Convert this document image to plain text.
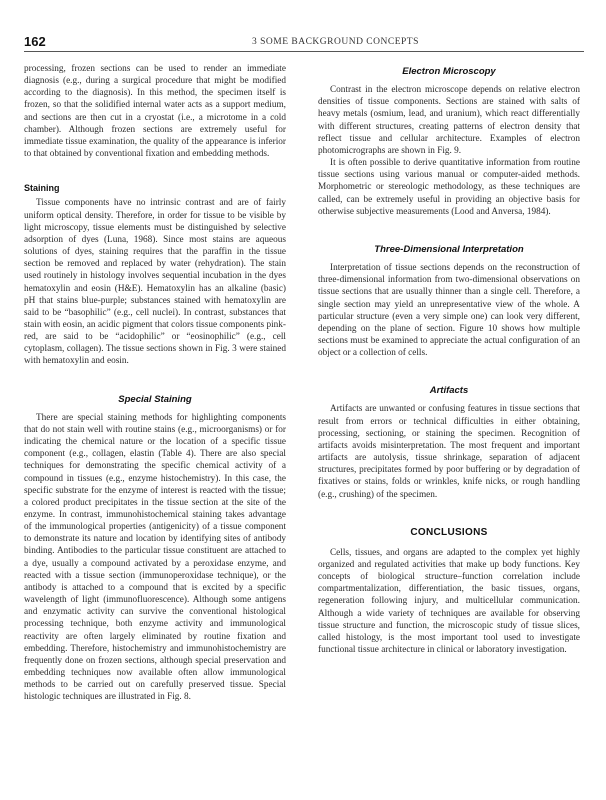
162	3 SOME BACKGROUND CONCEPTS

processing, frozen sections can be used to render an immediate diagnosis (e.g., during a surgical procedure that might be modified according to the diagnosis). In this method, the specimen itself is frozen, so that the solidified internal water acts as a support medium, and sections are then cut in a cryostat (i.e., a microtome in a cold chamber). Although frozen sections are extremely useful for immediate tissue examination, the quality of the appearance is inferior to that obtained by conventional fixation and embedding methods.

Staining

Tissue components have no intrinsic contrast and are of fairly uniform optical density. Therefore, in order for tissue to be visible by light microscopy, tissue elements must be distinguished by selective adsorption of dyes (Luna, 1968). Since most stains are aqueous solutions of dyes, staining requires that the paraffin in the tissue section be removed and replaced by water (rehydration). The stain used routinely in histology involves sequential incubation in the dyes hematoxylin and eosin (H&E). Hematoxylin has an alkaline (basic) pH that stains blue-purple; substances stained with hematoxylin are said to be “basophilic” (e.g., cell nuclei). In contrast, substances that stain with eosin, an acidic pigment that colors tissue components pink-red, are said to be “acidophilic” or “eosinophilic” (e.g., cell cytoplasm, collagen). The tissue sections shown in Fig. 3 were stained with hematoxylin and eosin.

Special Staining

There are special staining methods for highlighting components that do not stain well with routine stains (e.g., microorganisms) or for indicating the chemical nature or the location of a specific tissue component (e.g., collagen, elastin (Table 4). There are also special techniques for demonstrating the specific chemical activity of a compound in tissues (e.g., enzyme histochemistry). In this case, the specific substrate for the enzyme of interest is reacted with the tissue; a colored product precipitates in the tissue section at the site of the enzyme. In contrast, immunohistochemical staining takes advantage of the immunological properties (antigenicity) of a tissue component to demonstrate its nature and location by identifying sites of antibody binding. Antibodies to the particular tissue constituent are attached to a dye, usually a compound activated by a peroxidase enzyme, and reacted with a tissue section (immunoperoxidase technique), or the antibody is attached to a compound that is excited by a specific wavelength of light (immunofluorescence). Although some antigens and enzymatic activity can survive the conventional histological processing technique, both enzyme activity and immunological reactivity are often largely eliminated by routine fixation and embedding. Therefore, histochemistry and immunohistochemistry are frequently done on frozen sections, although special preservation and embedding techniques now available often allow immunological methods to be carried out on carefully preserved tissue. Special histologic techniques are illustrated in Fig. 8.

Electron Microscopy

Contrast in the electron microscope depends on relative electron densities of tissue components. Sections are stained with salts of heavy metals (osmium, lead, and uranium), which react differentially with different structures, creating patterns of electron density that reflect tissue and cellular architecture. Examples of electron photomicrographs are shown in Fig. 9.

It is often possible to derive quantitative information from routine tissue sections using various manual or computer-aided methods. Morphometric or stereologic methodology, as these techniques are called, can be extremely useful in providing an objective basis for otherwise subjective measurements (Lood and Anversa, 1984).

Three-Dimensional Interpretation

Interpretation of tissue sections depends on the reconstruction of three-dimensional information from two-dimensional observations on tissue sections that are usually thinner than a single cell. Therefore, a single section may yield an unrepresentative view of the whole. A particular structure (even a very simple one) can look very different, depending on the plane of section. Figure 10 shows how multiple sections must be examined to appreciate the actual configuration of an object or a collection of cells.

Artifacts

Artifacts are unwanted or confusing features in tissue sections that result from errors or technical difficulties in either obtaining, processing, sectioning, or staining the specimen. Recognition of artifacts avoids misinterpretation. The most frequent and important artifacts are autolysis, tissue shrinkage, separation of adjacent structures, precipitates formed by poor buffering or by degradation of fixatives or stains, folds or wrinkles, knife nicks, or rough handling (e.g., crushing) of the specimen.

CONCLUSIONS

Cells, tissues, and organs are adapted to the complex yet highly organized and regulated activities that make up body functions. Key concepts of biological structure–function correlation include compartmentalization, differentiation, the basic tissues, organs, regeneration following injury, and multicellular communication. Although a wide variety of techniques are available for observing tissue structure and function, the microscopic study of tissue slices, called histology, is the most important tool used to investigate functional tissue architecture in clinical or laboratory investigation.
